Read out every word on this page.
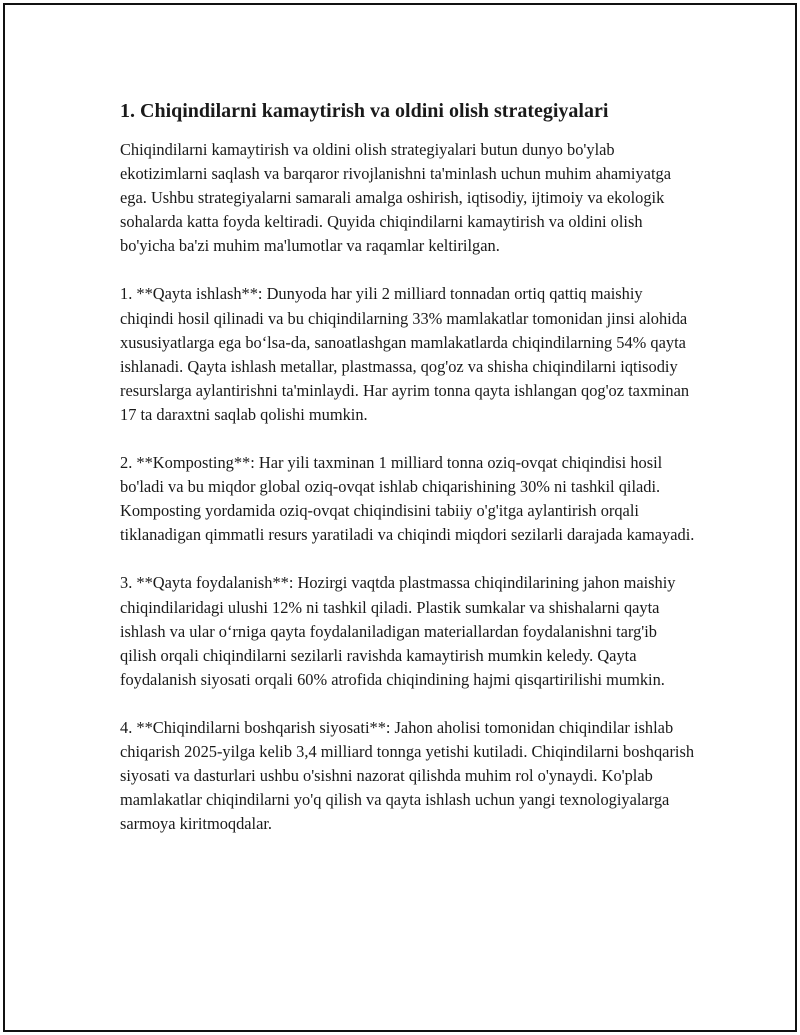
1. Chiqindilarni kamaytirish va oldini olish strategiyalari

Chiqindilarni kamaytirish va oldini olish strategiyalari butun dunyo bo'ylab ekotizimlarni saqlash va barqaror rivojlanishni ta'minlash uchun muhim ahamiyatga ega. Ushbu strategiyalarni samarali amalga oshirish, iqtisodiy, ijtimoiy va ekologik sohalarda katta foyda keltiradi. Quyida chiqindilarni kamaytirish va oldini olish bo'yicha ba'zi muhim ma'lumotlar va raqamlar keltirilgan.

1. **Qayta ishlash**: Dunyoda har yili 2 milliard tonnadan ortiq qattiq maishiy chiqindi hosil qilinadi va bu chiqindilarning 33% mamlakatlar tomonidan jinsi alohida xususiyatlarga ega bo‘lsa-da, sanoatlashgan mamlakatlarda chiqindilarning 54% qayta ishlanadi. Qayta ishlash metallar, plastmassa, qog'oz va shisha chiqindilarni iqtisodiy resurslarga aylantirishni ta'minlaydi. Har ayrim tonna qayta ishlangan qog'oz taxminan 17 ta daraxtni saqlab qolishi mumkin.

2. **Komposting**: Har yili taxminan 1 milliard tonna oziq-ovqat chiqindisi hosil bo'ladi va bu miqdor global oziq-ovqat ishlab chiqarishining 30% ni tashkil qiladi. Komposting yordamida oziq-ovqat chiqindisini tabiiy o'g'itga aylantirish orqali tiklanadigan qimmatli resurs yaratiladi va chiqindi miqdori sezilarli darajada kamayadi.

3. **Qayta foydalanish**: Hozirgi vaqtda plastmassa chiqindilarining jahon maishiy chiqindilaridagi ulushi 12% ni tashkil qiladi. Plastik sumkalar va shishalarni qayta ishlash va ular o‘rniga qayta foydalaniladigan materiallardan foydalanishni targ'ib qilish orqali chiqindilarni sezilarli ravishda kamaytirish mumkin keledy. Qayta foydalanish siyosati orqali 60% atrofida chiqindining hajmi qisqartirilishi mumkin.

4. **Chiqindilarni boshqarish siyosati**: Jahon aholisi tomonidan chiqindilar ishlab chiqarish 2025-yilga kelib 3,4 milliard tonnga yetishi kutiladi. Chiqindilarni boshqarish siyosati va dasturlari ushbu o'sishni nazorat qilishda muhim rol o'ynaydi. Ko'plab mamlakatlar chiqindilarni yo'q qilish va qayta ishlash uchun yangi texnologiyalarga sarmoya kiritmoqdalar.
